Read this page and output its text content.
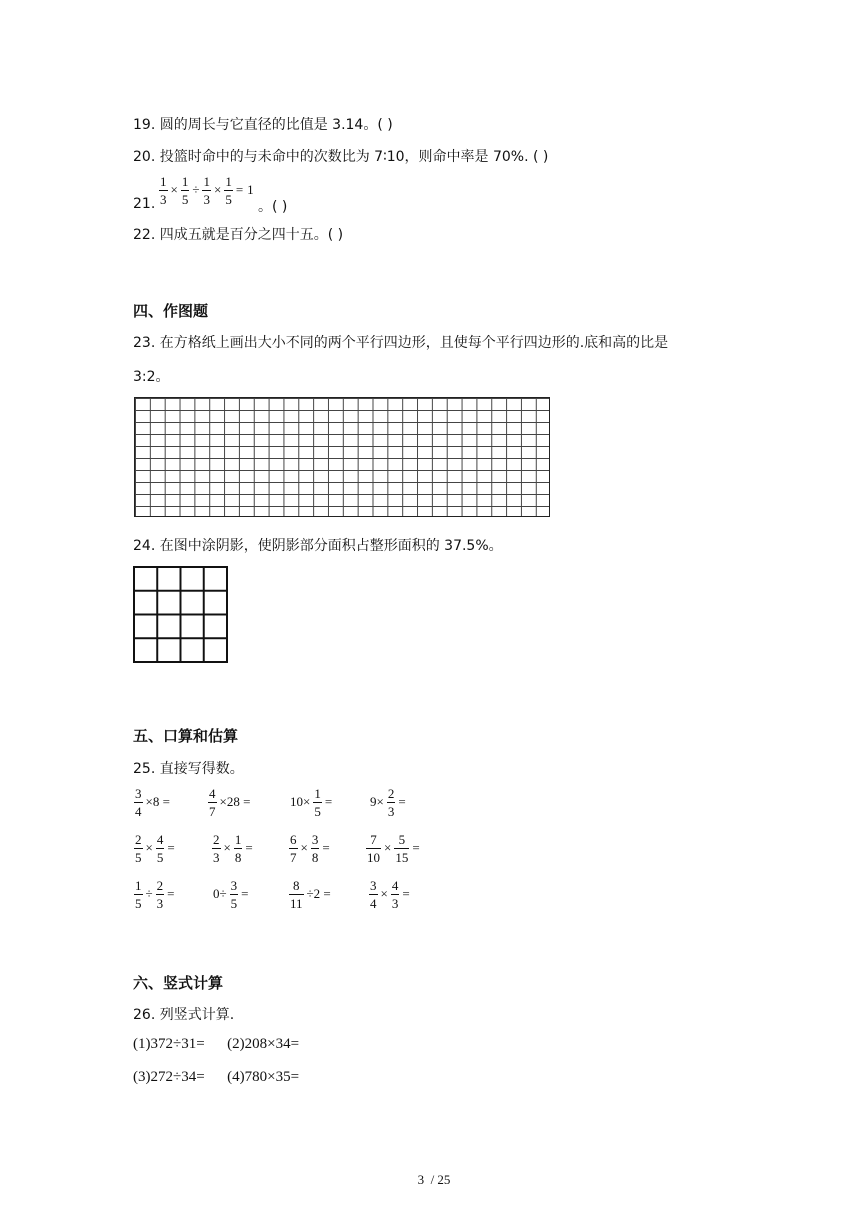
19. 圆的周长与它直径的比值是 3.14。( )
20. 投篮时命中的与未命中的次数比为 7∶10，则命中率是 70%. ( )
21. $\frac{1}{3} \times \frac{1}{5} \div \frac{1}{3} \times \frac{1}{5} = 1$
。( )
22. 四成五就是百分之四十五。( )
四、作图题
23. 在方格纸上画出大小不同的两个平行四边形，且使每个平行四边形的.底和高的比是
3:2。
24. 在图中涂阴影，使阴影部分面积占整形面积的 37.5%。
五、口算和估算
25. 直接写得数。
$\frac{3}{4} \times 8$ =	$\frac{4}{7} \times 28$ =	$10\times \frac{1}{5}$ =	$9\times \frac{2}{3}$ =
$\frac{2}{5} \times \frac{4}{5}$ =	$\frac{2}{3} \times \frac{1}{8}$ =	$\frac{6}{7} \times \frac{3}{8}$ =	$\frac{7}{10} \times \frac{5}{15}$ =
$\frac{1}{5} \div \frac{2}{3}$ =	$0\div \frac{3}{5}$ =	$\frac{8}{11} \div 2$ =	$\frac{3}{4} \times \frac{4}{3}$ =
六、竖式计算
26. 列竖式计算.
(1)372÷31=      (2)208×34=
(3)272÷34=      (4)780×35=
3  / 25
